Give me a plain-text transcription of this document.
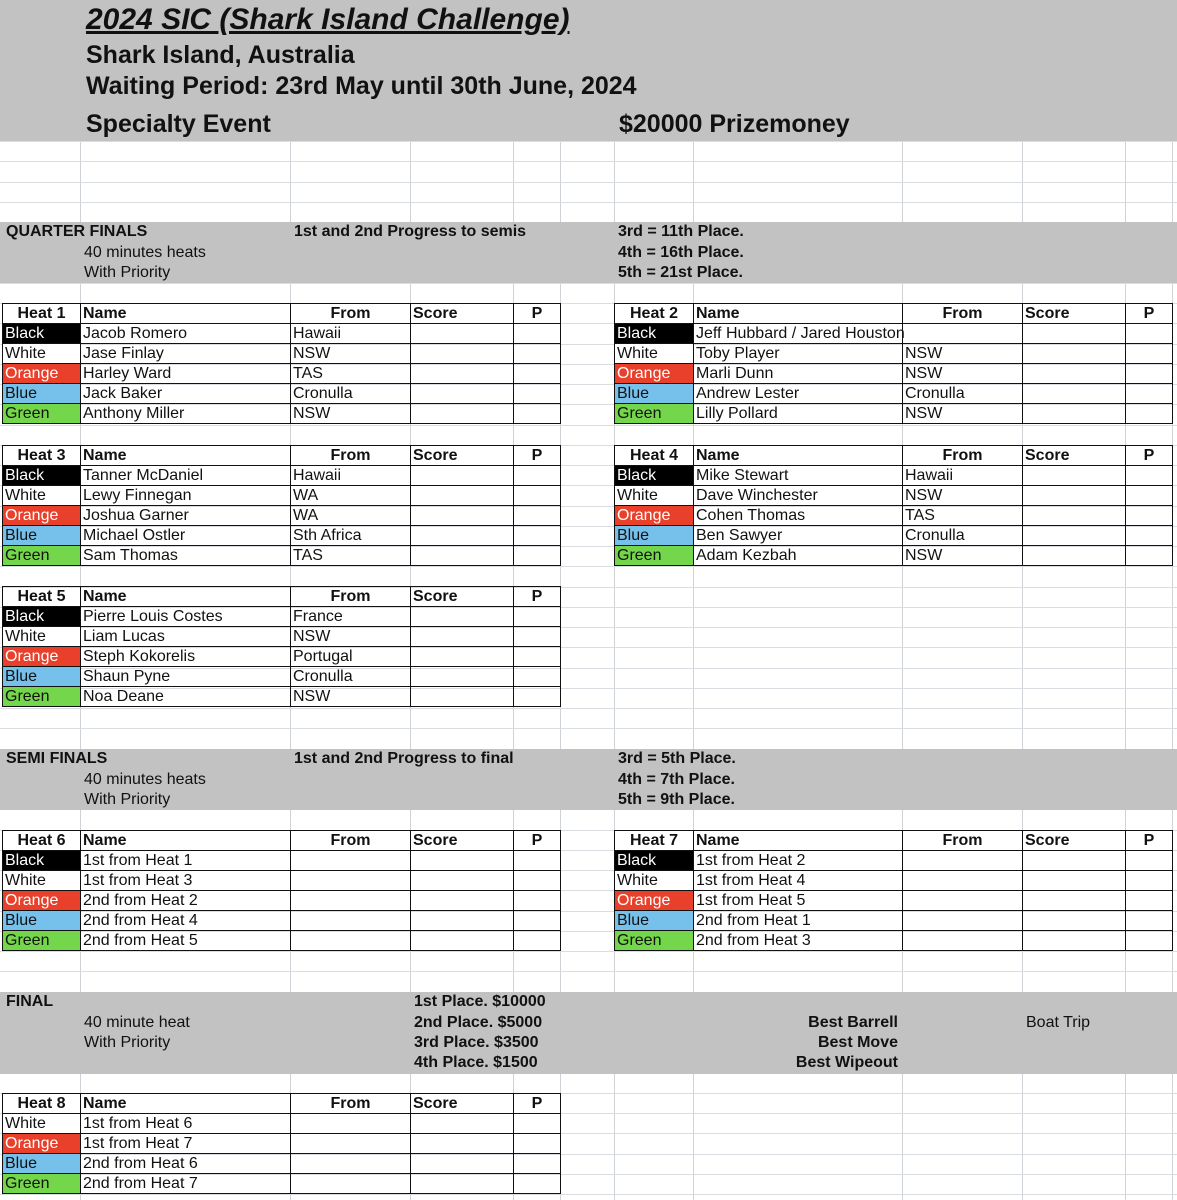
2024 SIC (Shark Island Challenge)
Shark Island, Australia
Waiting Period: 23rd May until 30th June, 2024
Specialty Event	$20000 Prizemoney
QUARTER FINALS
40 minutes heats
With Priority
1st and 2nd Progress to semis	3rd = 11th Place.
4th = 16th Place.
5th = 21st Place.
SEMI FINALS
40 minutes heats
With Priority
1st and 2nd Progress to final	3rd = 5th Place.
4th = 7th Place.
5th = 9th Place.
FINAL
40 minute heat
With Priority
1st Place. $10000
2nd Place. $5000
3rd Place. $3500
4th Place. $1500
Best Barrell
Best Move
Best Wipeout
Boat Trip
Heat 1	Name	From	Score	P
Black	Jacob Romero	Hawaii		
White	Jase Finlay	NSW		
Orange	Harley Ward	TAS		
Blue	Jack Baker	Cronulla		
Green	Anthony Miller	NSW		
Heat 2	Name	From	Score	P
Black	Jeff Hubbard / Jared Houston			
White	Toby Player	NSW		
Orange	Marli Dunn	NSW		
Blue	Andrew Lester	Cronulla		
Green	Lilly Pollard	NSW		
Heat 3	Name	From	Score	P
Black	Tanner McDaniel	Hawaii		
White	Lewy Finnegan	WA		
Orange	Joshua Garner	WA		
Blue	Michael Ostler	Sth Africa		
Green	Sam Thomas	TAS		
Heat 4	Name	From	Score	P
Black	Mike Stewart	Hawaii		
White	Dave Winchester	NSW		
Orange	Cohen Thomas	TAS		
Blue	Ben Sawyer	Cronulla		
Green	Adam Kezbah	NSW		
Heat 5	Name	From	Score	P
Black	Pierre Louis Costes	France		
White	Liam Lucas	NSW		
Orange	Steph Kokorelis	Portugal		
Blue	Shaun Pyne	Cronulla		
Green	Noa Deane	NSW		
Heat 6	Name	From	Score	P
Black	1st from Heat 1			
White	1st from Heat 3			
Orange	2nd from Heat 2			
Blue	2nd from Heat 4			
Green	2nd from Heat 5			
Heat 7	Name	From	Score	P
Black	1st from Heat 2			
White	1st from Heat 4			
Orange	1st from Heat 5			
Blue	2nd from Heat 1			
Green	2nd from Heat 3			
Heat 8	Name	From	Score	P
White	1st from Heat 6			
Orange	1st from Heat 7			
Blue	2nd from Heat 6			
Green	2nd from Heat 7			
